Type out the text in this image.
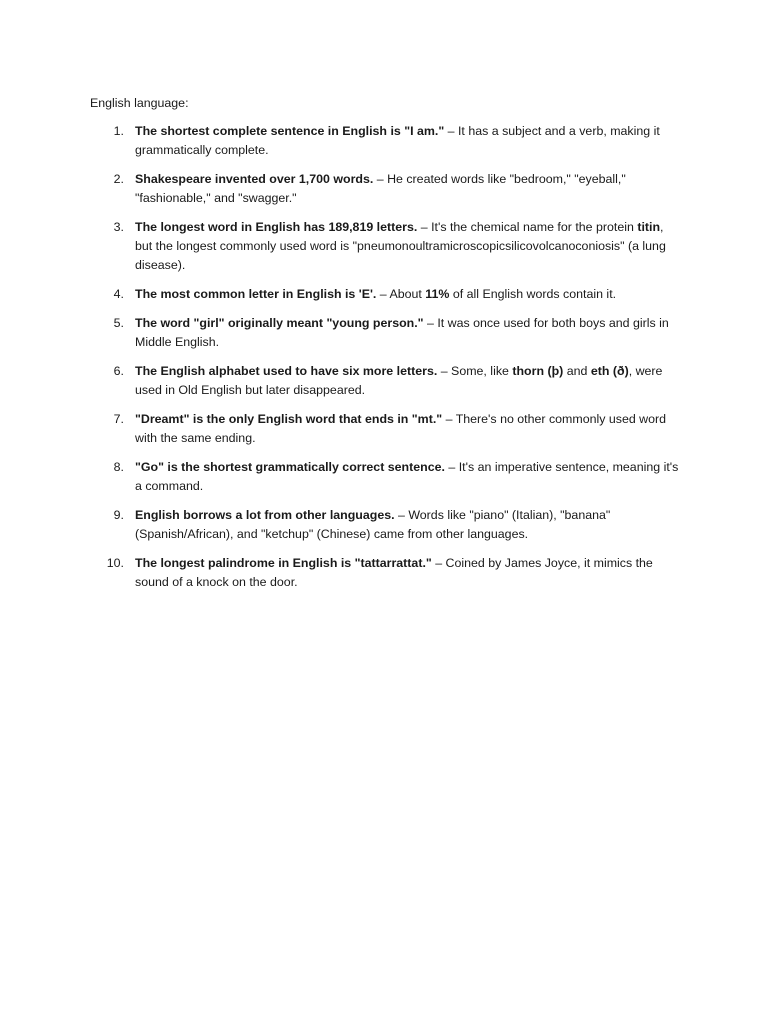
English language:

1. The shortest complete sentence in English is "I am." – It has a subject and a verb, making it grammatically complete.
2. Shakespeare invented over 1,700 words. – He created words like "bedroom," "eyeball," "fashionable," and "swagger."
3. The longest word in English has 189,819 letters. – It's the chemical name for the protein titin, but the longest commonly used word is "pneumonoultramicroscopicsilicovolcanoconiosis" (a lung disease).
4. The most common letter in English is 'E'. – About 11% of all English words contain it.
5. The word "girl" originally meant "young person." – It was once used for both boys and girls in Middle English.
6. The English alphabet used to have six more letters. – Some, like thorn (þ) and eth (ð), were used in Old English but later disappeared.
7. "Dreamt" is the only English word that ends in "mt." – There's no other commonly used word with the same ending.
8. "Go" is the shortest grammatically correct sentence. – It's an imperative sentence, meaning it's a command.
9. English borrows a lot from other languages. – Words like "piano" (Italian), "banana" (Spanish/African), and "ketchup" (Chinese) came from other languages.
10. The longest palindrome in English is "tattarrattat." – Coined by James Joyce, it mimics the sound of a knock on the door.
